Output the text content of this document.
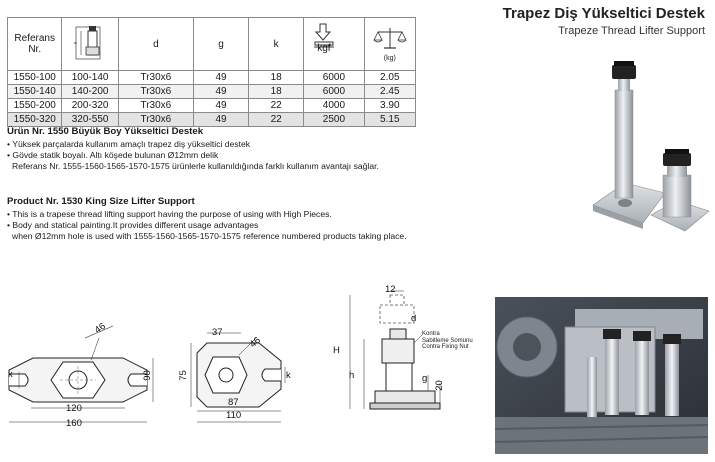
Trapez Diş Yükseltici Destek
Trapeze Thread Lifter Support
Referans Nr.	=	d	g	k	kgf	(kg)

1550-100	100-140	Tr30x6	49	18	6000	2.05
1550-140	140-200	Tr30x6	49	18	6000	2.45
1550-200	200-320	Tr30x6	49	22	4000	3.90
1550-320	320-550	Tr30x6	49	22	2500	5.15
Ürün Nr. 1550 Büyük Boy Yükseltici Destek
• Yüksek parçalarda kullanım amaçlı trapez diş yükseltici destek
• Gövde statik boyalı. Altı köşede bulunan Ø12mm delik
Referans Nr. 1555-1560-1565-1570-1575 ürünlerle kullanıldığında farklı kullanım avantajı sağlar.
Product Nr. 1530 King Size Lifter Support
• This is a trapese thread lifting support having the purpose of using with High Pieces.
• Body and statical painting.It provides different usage advantages
when Ø12mm hole is used with 1555-1560-1565-1570-1575 reference numbered products taking place.
46
k	90
120
160
37
46
75	k
87
110
12
d
H
h	g
20
Kontra
Sabitleme Somunu
Contra Fixing Nut
